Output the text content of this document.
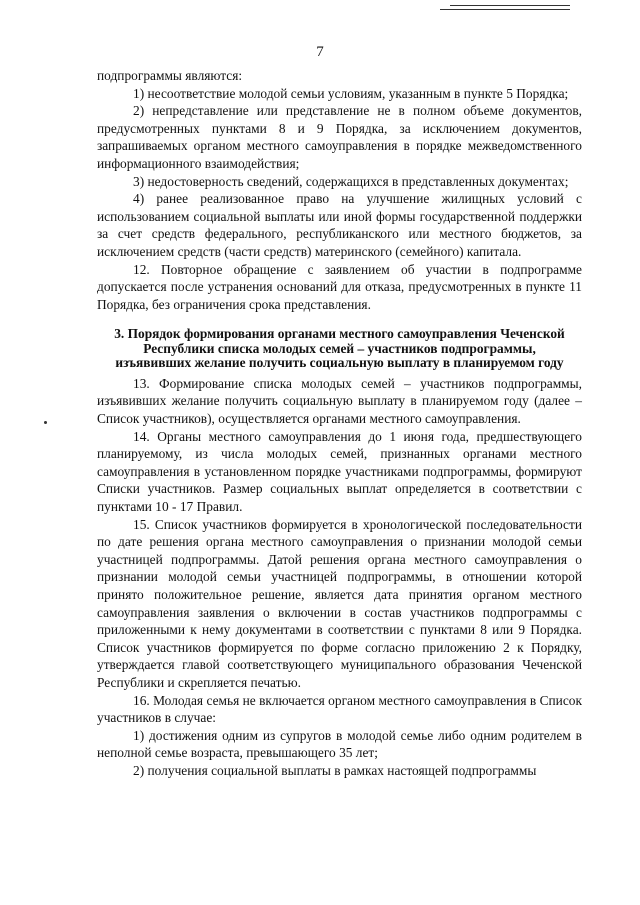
7

подпрограммы являются:

1) несоответствие молодой семьи условиям, указанным в пункте 5 Порядка;

2) непредставление или представление не в полном объеме документов, предусмотренных пунктами 8 и 9 Порядка, за исключением документов, запрашиваемых органом местного самоуправления в порядке межведомственного информационного взаимодействия;

3) недостоверность сведений, содержащихся в представленных документах;

4) ранее реализованное право на улучшение жилищных условий с использованием социальной выплаты или иной формы государственной поддержки за счет средств федерального, республиканского или местного бюджетов, за исключением средств (части средств) материнского (семейного) капитала.

12. Повторное обращение с заявлением об участии в подпрограмме допускается после устранения оснований для отказа, предусмотренных в пункте 11 Порядка, без ограничения срока представления.

3. Порядок формирования органами местного самоуправления Чеченской Республики списка молодых семей – участников подпрограммы, изъявивших желание получить социальную выплату в планируемом году

13. Формирование списка молодых семей – участников подпрограммы, изъявивших желание получить социальную выплату в планируемом году (далее – Список участников), осуществляется органами местного самоуправления.

14. Органы местного самоуправления до 1 июня года, предшествующего планируемому, из числа молодых семей, признанных органами местного самоуправления в установленном порядке участниками подпрограммы, формируют Списки участников. Размер социальных выплат определяется в соответствии с пунктами 10 - 17 Правил.

15. Список участников формируется в хронологической последовательности по дате решения органа местного самоуправления о признании молодой семьи участницей подпрограммы. Датой решения органа местного самоуправления о признании молодой семьи участницей подпрограммы, в отношении которой принято положительное решение, является дата принятия органом местного самоуправления заявления о включении в состав участников подпрограммы с приложенными к нему документами в соответствии с пунктами 8 или 9 Порядка. Список участников формируется по форме согласно приложению 2 к Порядку, утверждается главой соответствующего муниципального образования Чеченской Республики и скрепляется печатью.

16. Молодая семья не включается органом местного самоуправления в Список участников в случае:

1) достижения одним из супругов в молодой семье либо одним родителем в неполной семье возраста, превышающего 35 лет;

2) получения социальной выплаты в рамках настоящей подпрограммы
